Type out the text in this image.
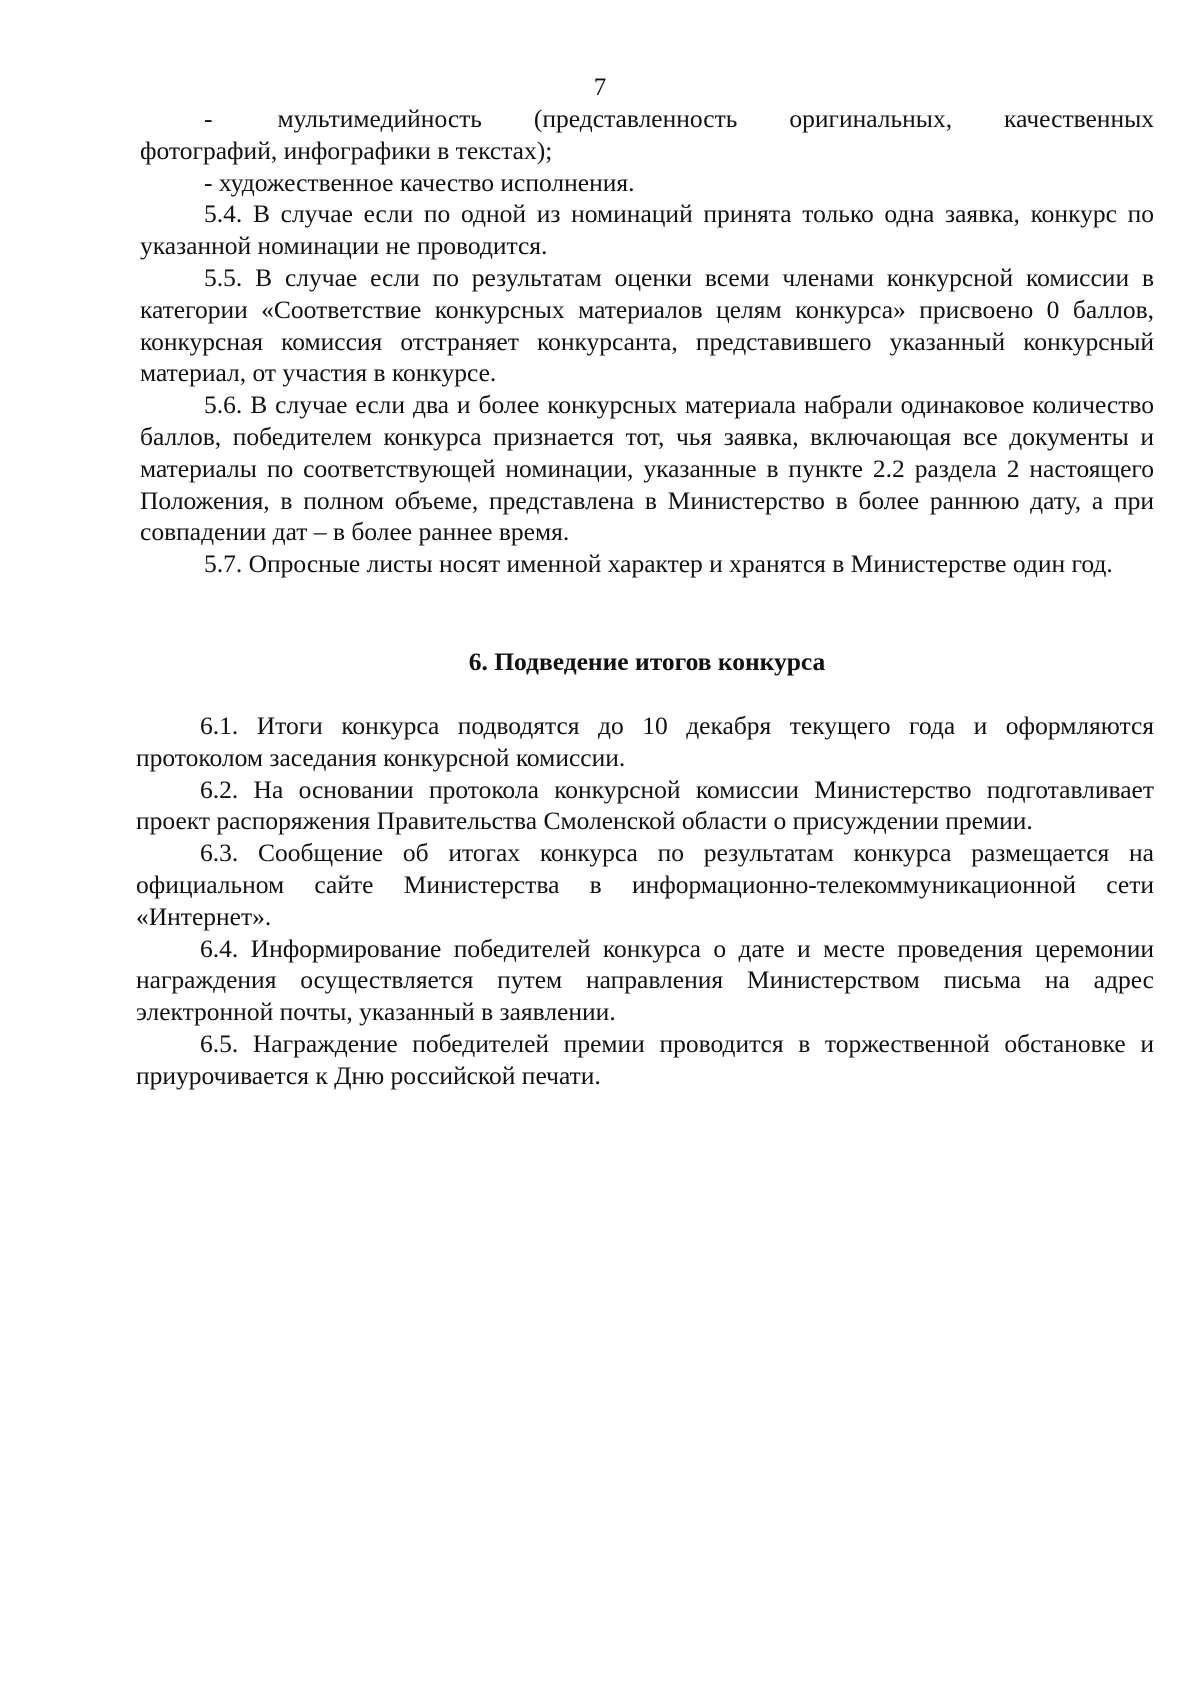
7

-     мультимедийность    (представленность    оригинальных,    качественных фотографий, инфографики в текстах);

- художественное качество исполнения.

5.4. В случае если по одной из номинаций принята только одна заявка, конкурс по указанной номинации не проводится.

5.5. В случае если по результатам оценки всеми членами конкурсной комиссии в категории «Соответствие конкурсных материалов целям конкурса» присвоено 0 баллов, конкурсная комиссия отстраняет конкурсанта, представившего указанный конкурсный материал, от участия в конкурсе.

5.6. В случае если два и более конкурсных материала набрали одинаковое количество баллов, победителем конкурса признается тот, чья заявка, включающая все документы и материалы по соответствующей номинации, указанные в пункте 2.2 раздела 2 настоящего Положения, в полном объеме, представлена в Министерство в более раннюю дату, а при совпадении дат – в более раннее время.

5.7. Опросные листы носят именной характер и хранятся в Министерстве один год.

6. Подведение итогов конкурса

6.1. Итоги конкурса подводятся до 10 декабря текущего года и оформляются протоколом заседания конкурсной комиссии.

6.2. На основании протокола конкурсной комиссии Министерство подготавливает проект распоряжения Правительства Смоленской области о присуждении премии.

6.3. Сообщение об итогах конкурса по результатам конкурса размещается на официальном сайте Министерства в информационно-телекоммуникационной сети «Интернет».

6.4. Информирование победителей конкурса о дате и месте проведения церемонии награждения осуществляется путем направления Министерством письма на адрес электронной почты, указанный в заявлении.

6.5. Награждение победителей премии проводится в торжественной обстановке и приурочивается к Дню российской печати.
